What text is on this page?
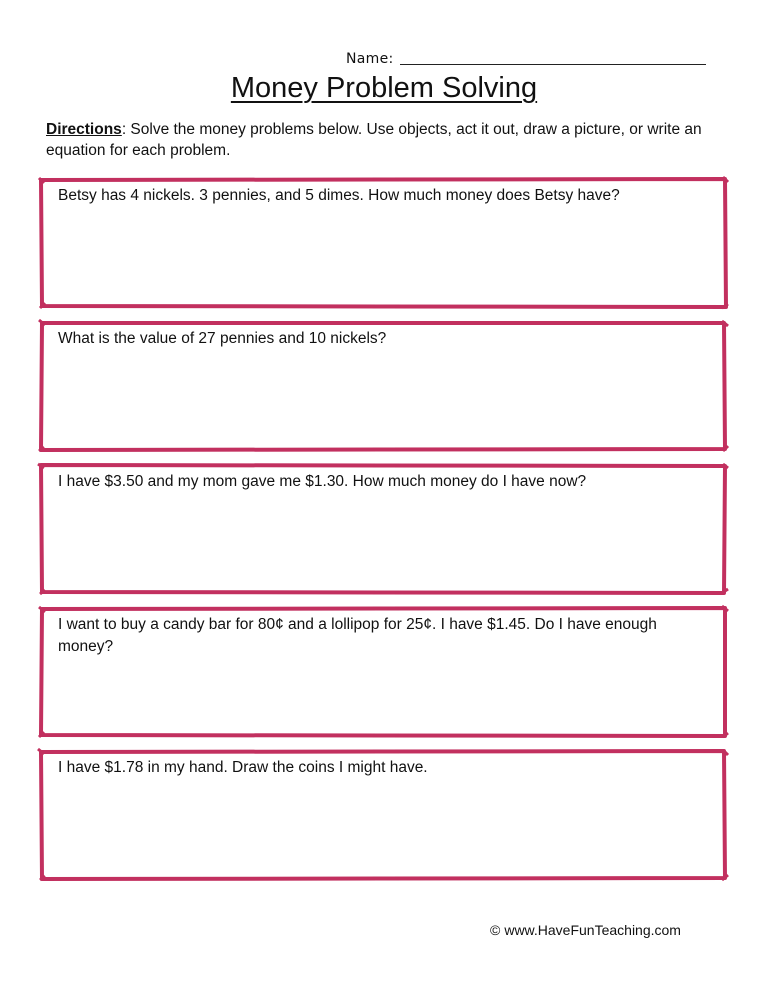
Name:
Money Problem Solving
Directions: Solve the money problems below. Use objects, act it out, draw a picture, or write an equation for each problem.

Betsy has 4 nickels. 3 pennies, and 5 dimes. How much money does Betsy have?

What is the value of 27 pennies and 10 nickels?

I have $3.50 and my mom gave me $1.30. How much money do I have now?

I want to buy a candy bar for 80¢ and a lollipop for 25¢. I have $1.45. Do I have enough money?

I have $1.78 in my hand. Draw the coins I might have.

© www.HaveFunTeaching.com
